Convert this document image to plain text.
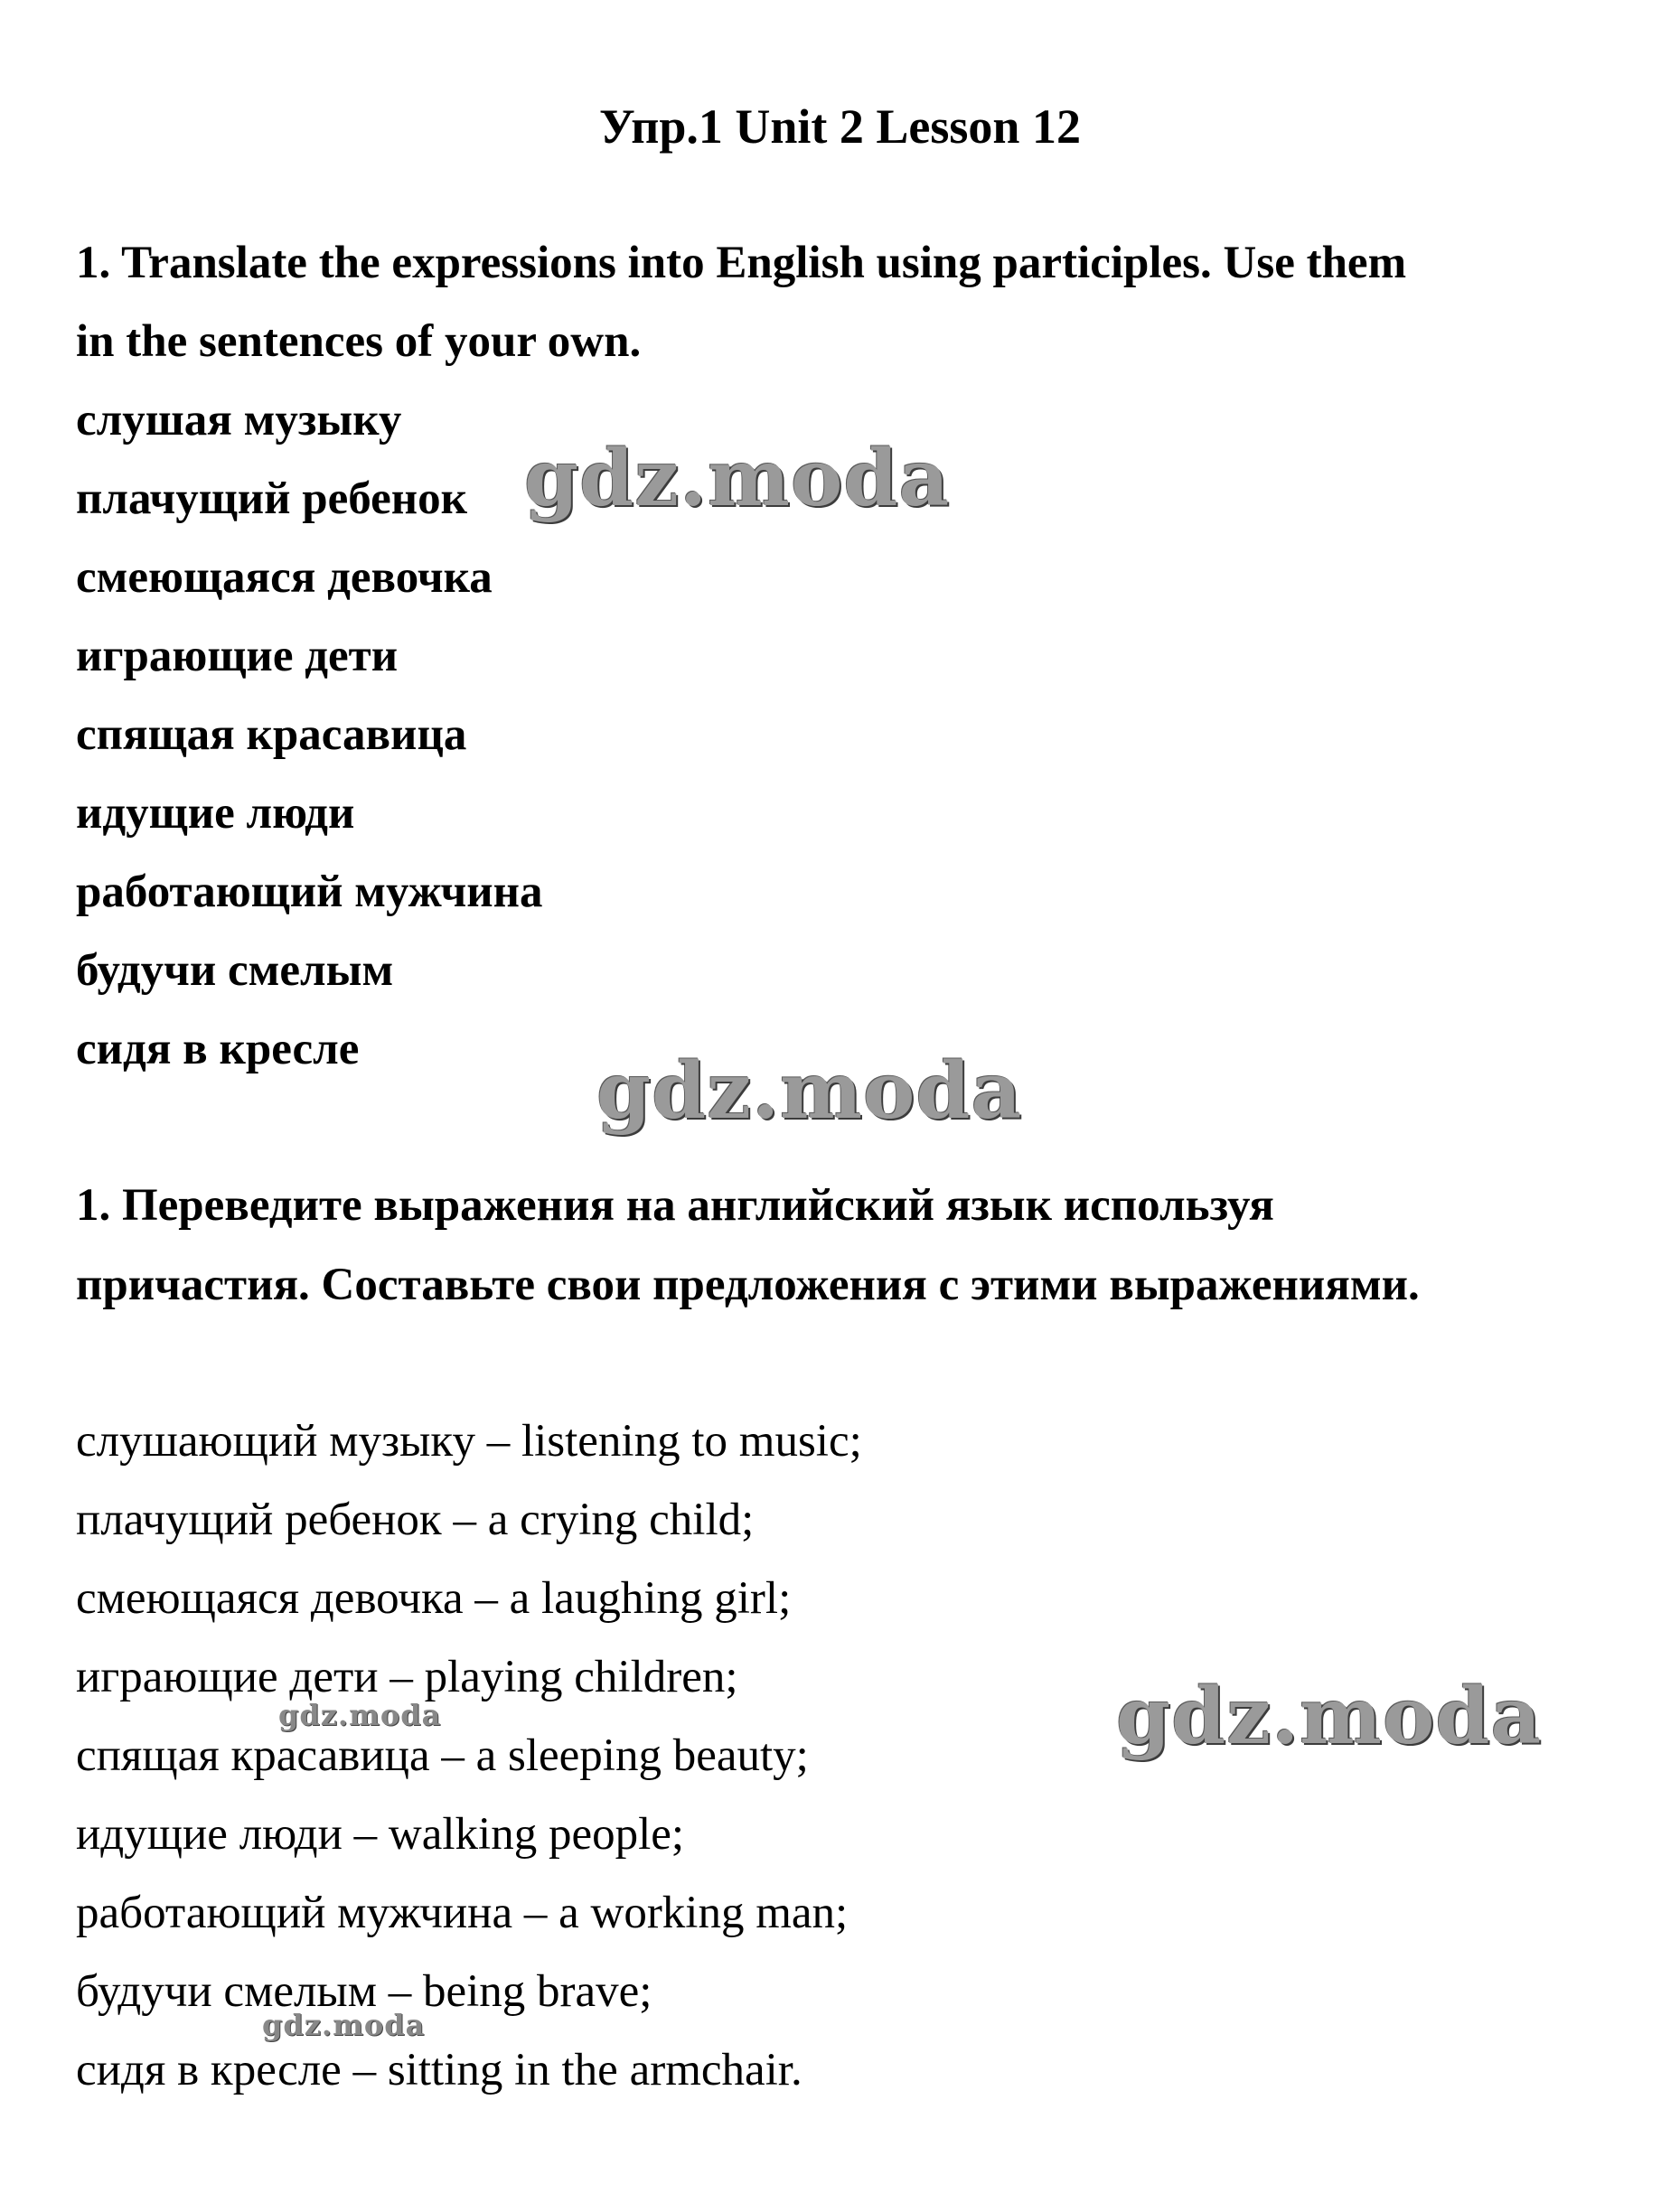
Упр.1 Unit 2 Lesson 12
1. Translate the expressions into English using participles. Use them
in the sentences of your own.
слушая музыку
плачущий ребенок
смеющаяся девочка
играющие дети
спящая красавица
идущие люди
работающий мужчина
будучи смелым
сидя в кресле
1. Переведите выражения на английский язык используя
причастия. Составьте свои предложения с этими выражениями.
слушающий музыку – listening to music;
плачущий ребенок – a crying child;
смеющаяся девочка – a laughing girl;
играющие дети – playing children;
спящая красавица – a sleeping beauty;
идущие люди – walking people;
работающий мужчина – a working man;
будучи смелым – being brave;
сидя в кресле – sitting in the armchair.
gdz.moda
gdz.moda
gdz.moda
gdz.moda
gdz.moda
